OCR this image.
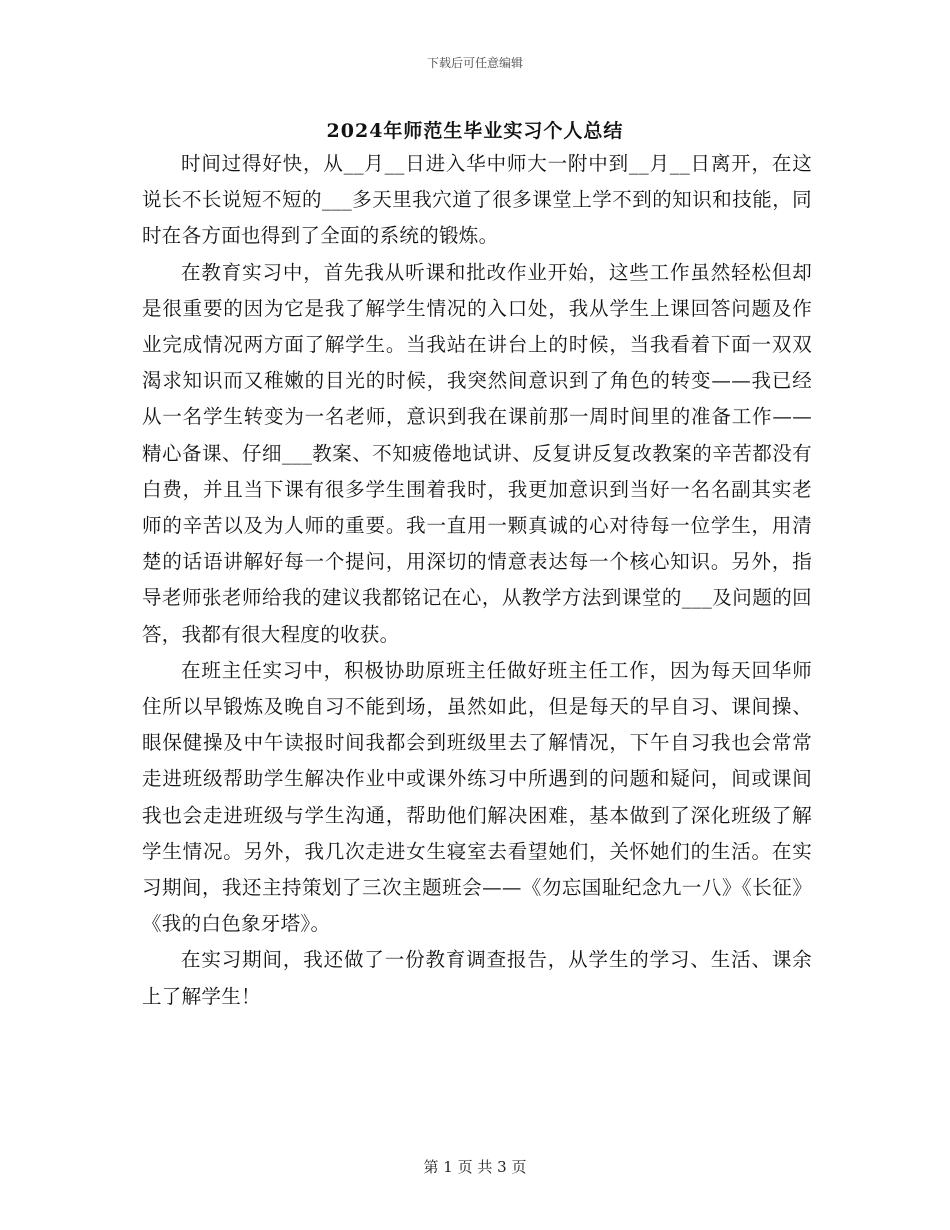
下载后可任意编辑
2024年师范生毕业实习个人总结

时间过得好快，从__月__日进入华中师大一附中到__月__日离开，在这说长不长说短不短的___多天里我穴道了很多课堂上学不到的知识和技能，同时在各方面也得到了全面的系统的锻炼。

在教育实习中，首先我从听课和批改作业开始，这些工作虽然轻松但却是很重要的因为它是我了解学生情况的入口处，我从学生上课回答问题及作业完成情况两方面了解学生。当我站在讲台上的时候，当我看着下面一双双渴求知识而又稚嫩的目光的时候，我突然间意识到了角色的转变——我已经从一名学生转变为一名老师，意识到我在课前那一周时间里的准备工作——精心备课、仔细___教案、不知疲倦地试讲、反复讲反复改教案的辛苦都没有白费，并且当下课有很多学生围着我时，我更加意识到当好一名名副其实老师的辛苦以及为人师的重要。我一直用一颗真诚的心对待每一位学生，用清楚的话语讲解好每一个提问，用深切的情意表达每一个核心知识。另外，指导老师张老师给我的建议我都铭记在心，从教学方法到课堂的___及问题的回答，我都有很大程度的收获。

在班主任实习中，积极协助原班主任做好班主任工作，因为每天回华师住所以早锻炼及晚自习不能到场，虽然如此，但是每天的早自习、课间操、眼保健操及中午读报时间我都会到班级里去了解情况，下午自习我也会常常走进班级帮助学生解决作业中或课外练习中所遇到的问题和疑问，间或课间我也会走进班级与学生沟通，帮助他们解决困难，基本做到了深化班级了解学生情况。另外，我几次走进女生寝室去看望她们，关怀她们的生活。在实习期间，我还主持策划了三次主题班会——《勿忘国耻纪念九一八》《长征》《我的白色象牙塔》。

在实习期间，我还做了一份教育调查报告，从学生的学习、生活、课余上了解学生！

第 1 页 共 3 页
